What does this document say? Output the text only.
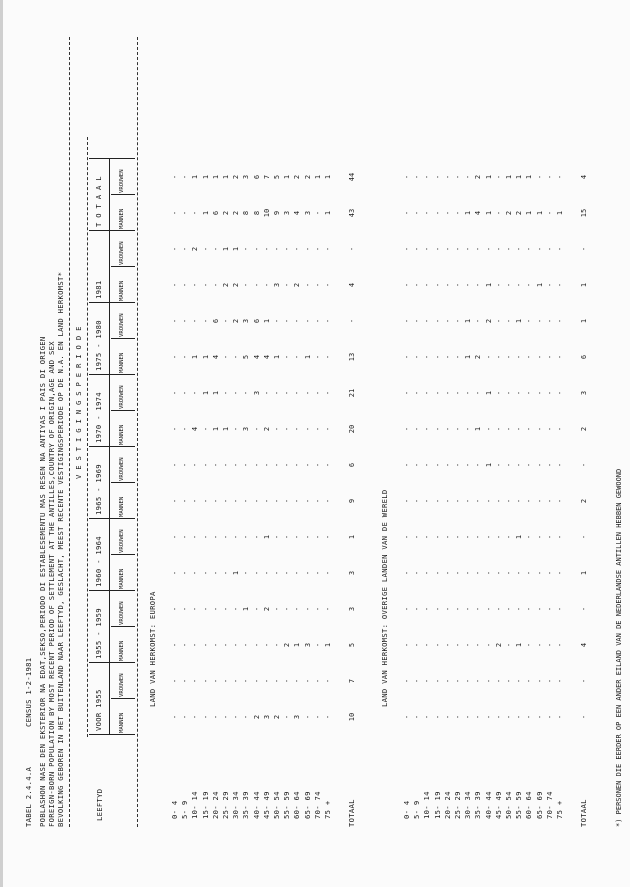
TABEL 2.4.4.A
CENSUS 1-2-1981 POBLASHON NASE DEN EKSTERIOR NA EDAT,SEKSO,PERIODO DI ESTABLESEMENTU MAS RESEN NA ANTIYAS I PAIS DI ORIGEN FOREIGN-BORN POPULATION BY MOST RECENT PERIOD OF SETTLEMENT AT THE ANTILLES,COUNTRY OF ORIGIN,AGE AND SEX BEVOLKING GEBOREN IN HET BUITENLAND NAAR LEEFTYD, GESLACHT, MEEST RECENTE VESTIGINGSPERIODE OP DE N.A. EN LAND HERKOMST*	LEEFTYD
V E S T I G I N G S P E R I O D E
VOOR 1955
1955 - 1959
1960 - 1964
1965 - 1969
1970 - 1974
1975 - 1980
1981
T O T A A L
MANNEN
VROUWEN
MANNEN
VROUWEN
MANNEN
VROUWEN
MANNEN
VROUWEN
MANNEN
VROUWEN
MANNEN
VROUWEN
MANNEN
VROUWEN
MANNEN
VROUWEN
LAND VAN HERKOMST: EUROPA
0- 4
-
-
-
-
-
-
-
-
-
-
-
-
-
-
-
-
5- 9
-
-
-
-
-
-
-
-
-
-
-
-
-
-
-
-
10- 14
-
-
-
-
-
-
-
-
4
-
1
-
-
2
-
1
15- 19
-
-
-
-
-
-
-
-
-
1
1
-
-
-
1
1
20- 24
-
-
-
-
-
-
-
-
1
1
4
6
-
-
6
1
25- 29
-
-
-
-
-
-
-
-
1
-
-
-
2
1
2
1
30- 34
-
-
-
-
1
-
-
-
-
-
-
2
2
1
2
2
35- 39
-
-
-
1
-
-
-
-
3
-
5
3
-
-
8
3
40- 44
2
-
-
-
-
-
-
-
-
3
4
6
-
-
8
6
45- 49
3
-
-
2
-
1
-
-
2
-
4
1
-
-
10
7
50- 54
2
-
-
-
-
-
-
-
-
-
1
-
3
-
9
5
55- 59
-
-
2
-
-
-
-
-
-
-
-
-
-
-
3
1
60- 64
3
-
1
-
-
-
-
-
-
-
-
-
2
-
4
2
65- 69
-
-
3
-
-
-
-
-
-
-
1
-
-
-
3
2
70- 74
-
-
-
-
-
-
-
-
-
-
-
-
-
-
-
1
75 +
-
-
1
-
-
-
-
-
-
-
-
-
-
-
1
1
TOTAAL
10
7
5
3
3
1
9
6
20
21
13
-
4
-
43
44
LAND VAN HERKOMST: OVERIGE LANDEN VAN DE WERELD
0- 4
-
-
-
-
-
-
-
-
-
-
-
-
-
-
-
-
5- 9
-
-
-
-
-
-
-
-
-
-
-
-
-
-
-
-
10- 14
-
-
-
-
-
-
-
-
-
-
-
-
-
-
-
-
15- 19
-
-
-
-
-
-
-
-
-
-
-
-
-
-
-
-
20- 24
-
-
-
-
-
-
-
-
-
-
-
-
-
-
-
-
25- 29
-
-
-
-
-
-
-
-
-
-
-
-
-
-
-
-
30- 34
-
-
-
-
-
-
-
-
-
-
1
1
-
-
1
-
35- 39
-
-
-
-
-
-
-
-
1
-
2
-
-
-
4
2
40- 44
-
-
-
-
-
-
-
1
-
1
-
2
1
-
1
1
45- 49
-
-
2
-
-
-
-
-
-
-
-
-
-
-
-
-
50- 54
-
-
-
-
-
-
-
-
-
-
-
-
-
-
2
1
55- 59
-
-
1
-
-
1
-
-
-
-
-
1
-
-
2
1
60- 64
-
-
-
-
-
-
-
-
-
-
-
-
-
-
1
1
65- 69
-
-
-
-
-
-
-
-
-
-
-
-
1
-
1
-
70- 74
-
-
-
-
-
-
-
-
-
-
-
-
-
-
-
-
75 +
-
-
-
-
-
-
-
-
-
-
-
-
-
-
1
-
TOTAAL
-
-
4
-
1
-
2
-
2
3
6
1
1
-
15
4
*) PERSONEN DIE EERDER OP EEN ANDER EILAND VAN DE NEDERLANDSE ANTILLEN HEBBEN GEWOOND
